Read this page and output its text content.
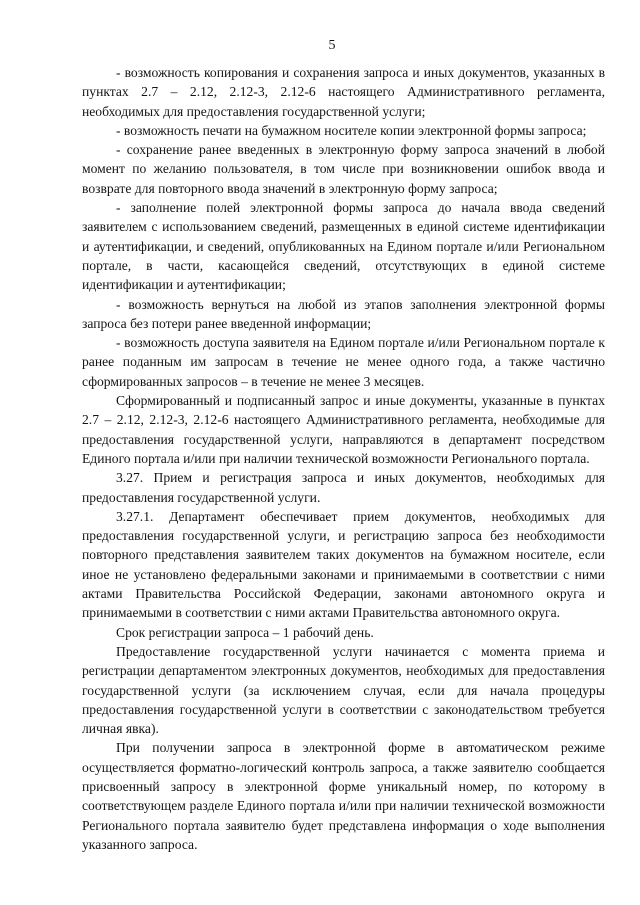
5

- возможность копирования и сохранения запроса и иных документов, указанных в пунктах 2.7 – 2.12, 2.12-3, 2.12-6 настоящего Административного регламента, необходимых для предоставления государственной услуги;

- возможность печати на бумажном носителе копии электронной формы запроса;

- сохранение ранее введенных в электронную форму запроса значений в любой момент по желанию пользователя, в том числе при возникновении ошибок ввода и возврате для повторного ввода значений в электронную форму запроса;

- заполнение полей электронной формы запроса до начала ввода сведений заявителем с использованием сведений, размещенных в единой системе идентификации и аутентификации, и сведений, опубликованных на Едином портале и/или Региональном портале, в части, касающейся сведений, отсутствующих в единой системе идентификации и аутентификации;

- возможность вернуться на любой из этапов заполнения электронной формы запроса без потери ранее введенной информации;

- возможность доступа заявителя на Едином портале и/или Региональном портале к ранее поданным им запросам в течение не менее одного года, а также частично сформированных запросов – в течение не менее 3 месяцев.

Сформированный и подписанный запрос и иные документы, указанные в пунктах 2.7 – 2.12, 2.12-3, 2.12-6 настоящего Административного регламента, необходимые для предоставления государственной услуги, направляются в департамент посредством Единого портала и/или при наличии технической возможности Регионального портала.

3.27. Прием и регистрация запроса и иных документов, необходимых для предоставления государственной услуги.

3.27.1. Департамент обеспечивает прием документов, необходимых для предоставления государственной услуги, и регистрацию запроса без необходимости повторного представления заявителем таких документов на бумажном носителе, если иное не установлено федеральными законами и принимаемыми в соответствии с ними актами Правительства Российской Федерации, законами автономного округа и принимаемыми в соответствии с ними актами Правительства автономного округа.

Срок регистрации запроса – 1 рабочий день.

Предоставление государственной услуги начинается с момента приема и регистрации департаментом электронных документов, необходимых для предоставления государственной услуги (за исключением случая, если для начала процедуры предоставления государственной услуги в соответствии с законодательством требуется личная явка).

При получении запроса в электронной форме в автоматическом режиме осуществляется форматно-логический контроль запроса, а также заявителю сообщается присвоенный запросу в электронной форме уникальный номер, по которому в соответствующем разделе Единого портала и/или при наличии технической возможности Регионального портала заявителю будет представлена информация о ходе выполнения указанного запроса.
